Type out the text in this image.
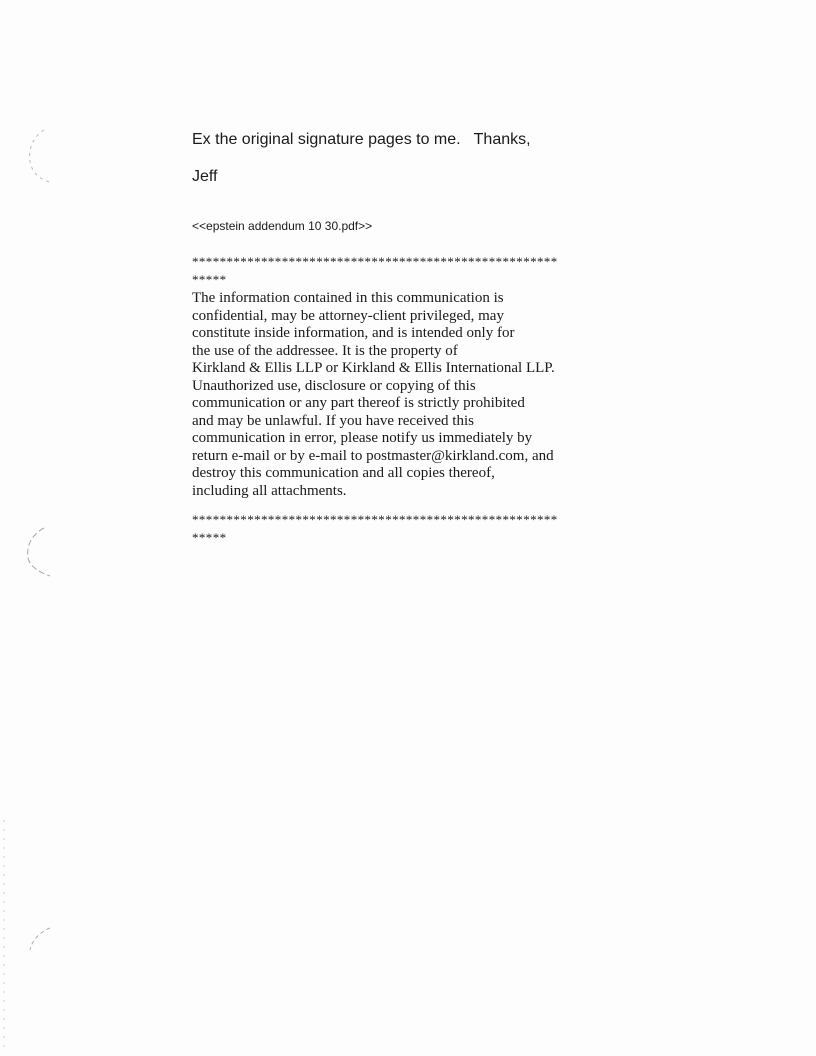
Ex the original signature pages to me.   Thanks,
Jeff
<<epstein addendum 10 30.pdf>>
*****************************************************
*****
The information contained in this communication is
confidential, may be attorney-client privileged, may
constitute inside information, and is intended only for
the use of the addressee. It is the property of
Kirkland & Ellis LLP or Kirkland & Ellis International LLP.
Unauthorized use, disclosure or copying of this
communication or any part thereof is strictly prohibited
and may be unlawful. If you have received this
communication in error, please notify us immediately by
return e-mail or by e-mail to postmaster@kirkland.com, and
destroy this communication and all copies thereof,
including all attachments.
*****************************************************
*****
